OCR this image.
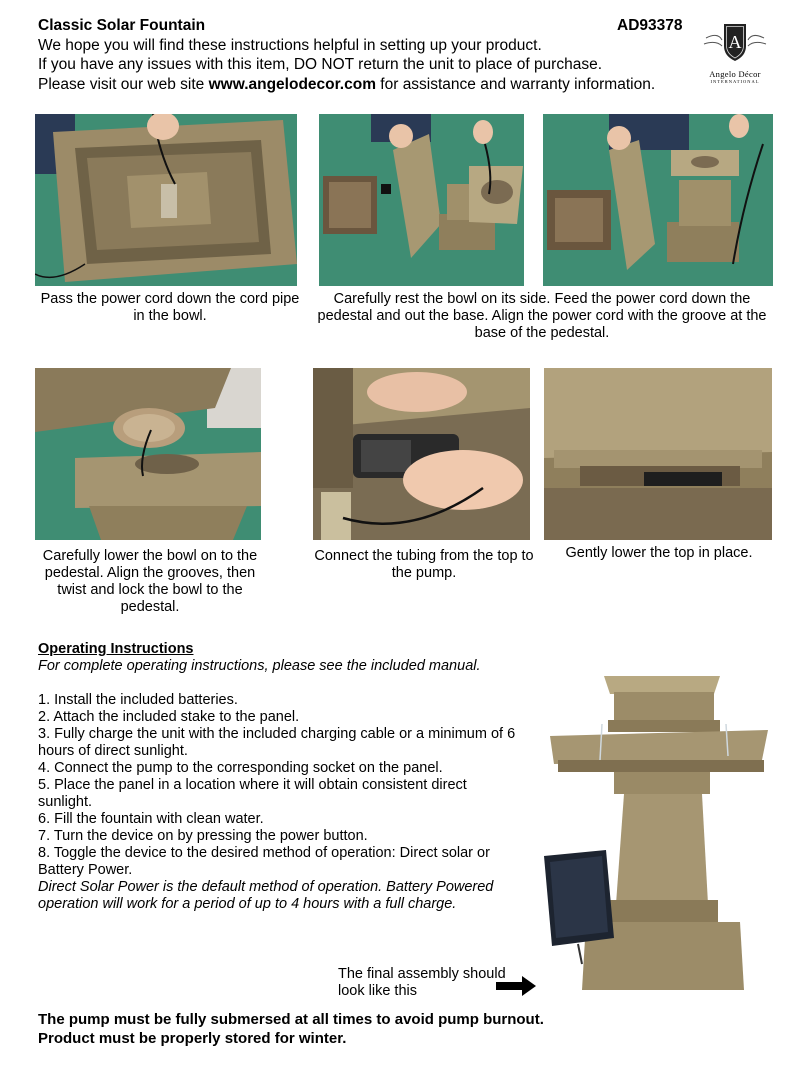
Classic Solar Fountain	AD93378
We hope you will find these instructions helpful in setting up your product.
If you have any issues with this item, DO NOT return the unit to place of purchase.
Please visit our web site www.angelodecor.com for assistance and warranty information.
A
Angelo Décor
INTERNATIONAL
Pass the power cord down the cord pipe in the bowl.
Carefully rest the bowl on its side. Feed the power cord down the pedestal and out the base. Align the power cord with the groove at the base of the pedestal.
Carefully lower the bowl on to the pedestal. Align the grooves, then twist and lock the bowl to the pedestal.
Connect the tubing from the top to the pump.
Gently lower the top in place.
Operating Instructions
For complete operating instructions, please see the included manual.
1. Install the included batteries.
2. Attach the included stake to the panel.
3. Fully charge the unit with the included charging cable or a minimum of 6 hours of direct sunlight.
4. Connect the pump to the corresponding socket on the panel.
5. Place the panel in a location where it will obtain consistent direct sunlight.
6. Fill the fountain with clean water.
7. Turn the device on by pressing the power button.
8. Toggle the device to the desired method of operation: Direct solar or Battery Power.
Direct Solar Power is the default method of operation. Battery Powered operation will work for a period of up to 4 hours with a full charge.
The final assembly should look like this
The pump must be fully submersed at all times to avoid pump burnout.
Product must be properly stored for winter.
